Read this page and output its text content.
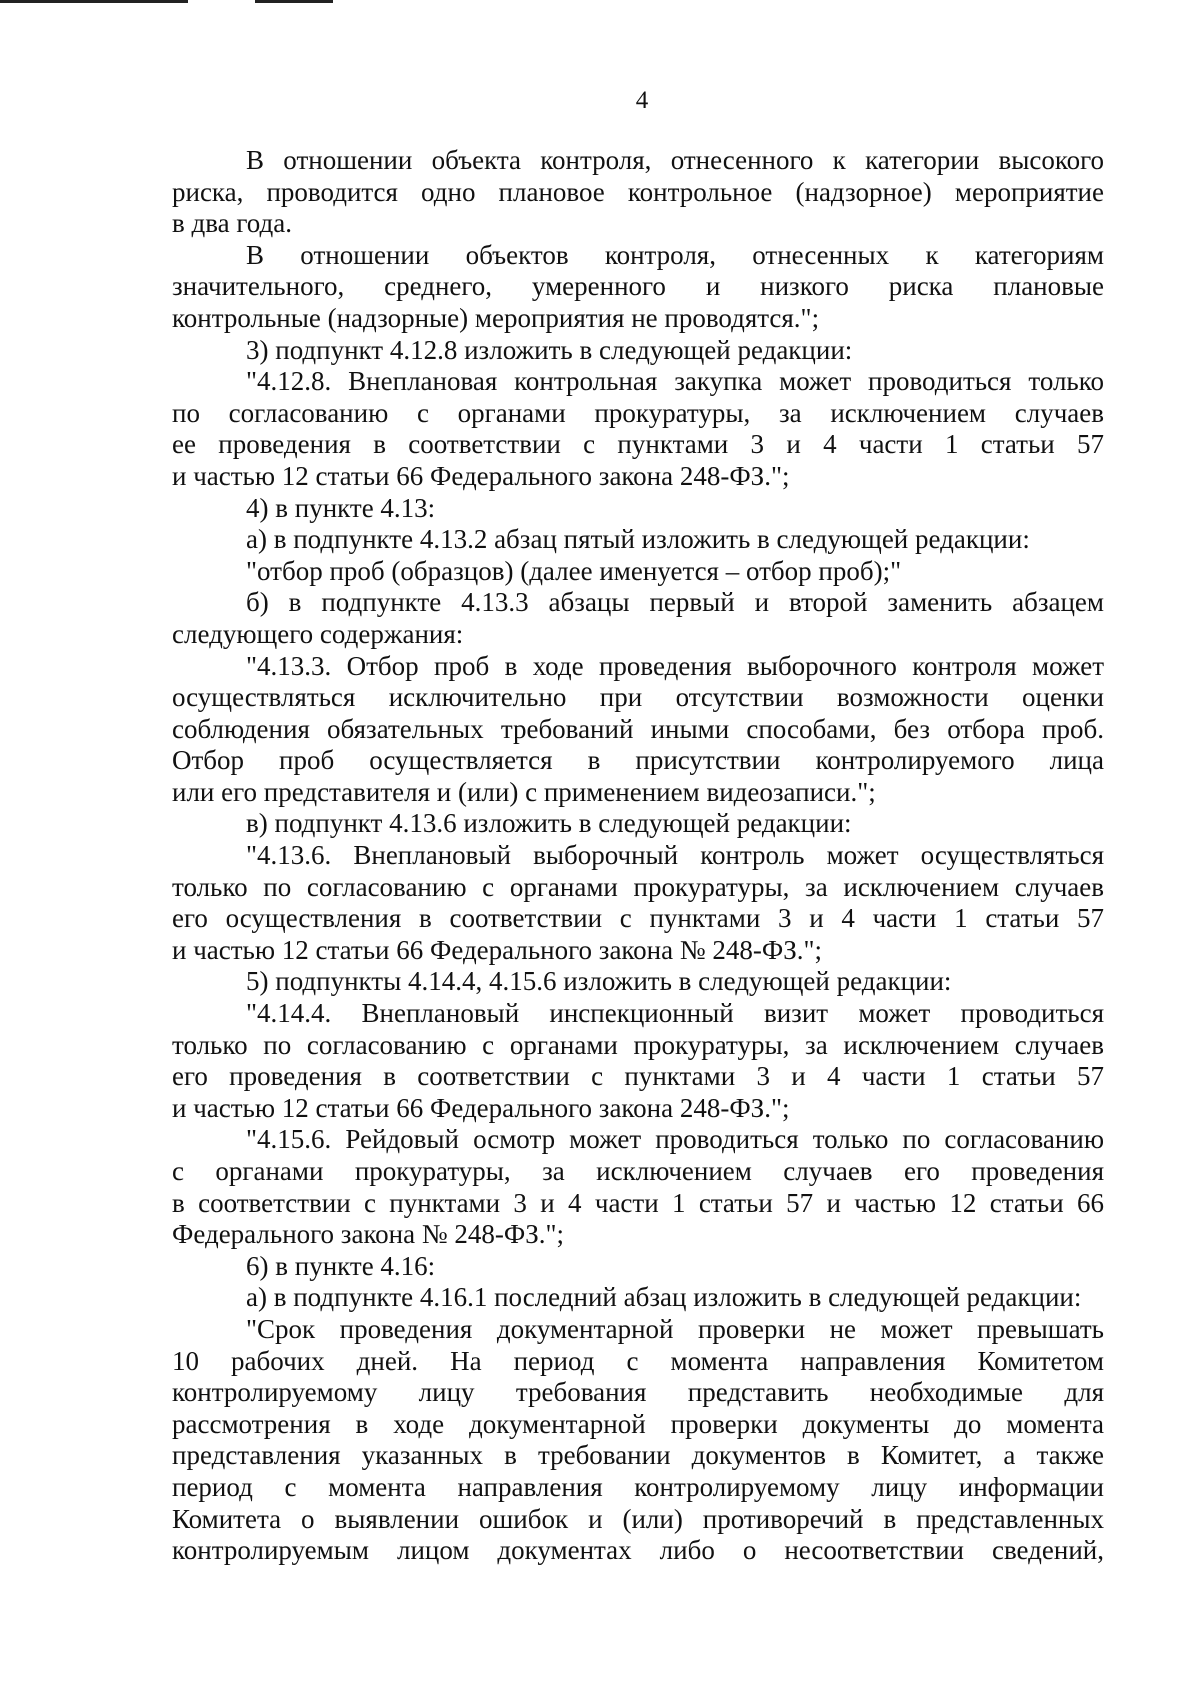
4
В отношении объекта контроля, отнесенного к категории высокого
риска, проводится одно плановое контрольное (надзорное) мероприятие
в два года.
В отношении объектов контроля, отнесенных к категориям
значительного, среднего, умеренного и низкого риска плановые
контрольные (надзорные) мероприятия не проводятся.";
3) подпункт 4.12.8 изложить в следующей редакции:
"4.12.8. Внеплановая контрольная закупка может проводиться только
по согласованию с органами прокуратуры, за исключением случаев
ее проведения в соответствии с пунктами 3 и 4 части 1 статьи 57
и частью 12 статьи 66 Федерального закона 248-ФЗ.";
4) в пункте 4.13:
а) в подпункте 4.13.2 абзац пятый изложить в следующей редакции:
"отбор проб (образцов) (далее именуется – отбор проб);"
б) в подпункте 4.13.3 абзацы первый и второй заменить абзацем
следующего содержания:
"4.13.3. Отбор проб в ходе проведения выборочного контроля может
осуществляться исключительно при отсутствии возможности оценки
соблюдения обязательных требований иными способами, без отбора проб.
Отбор проб осуществляется в присутствии контролируемого лица
или его представителя и (или) с применением видеозаписи.";
в) подпункт 4.13.6 изложить в следующей редакции:
"4.13.6. Внеплановый выборочный контроль может осуществляться
только по согласованию с органами прокуратуры, за исключением случаев
его осуществления в соответствии с пунктами 3 и 4 части 1 статьи 57
и частью 12 статьи 66 Федерального закона № 248-ФЗ.";
5) подпункты 4.14.4, 4.15.6 изложить в следующей редакции:
"4.14.4. Внеплановый инспекционный визит может проводиться
только по согласованию с органами прокуратуры, за исключением случаев
его проведения в соответствии с пунктами 3 и 4 части 1 статьи 57
и частью 12 статьи 66 Федерального закона 248-ФЗ.";
"4.15.6. Рейдовый осмотр может проводиться только по согласованию
с органами прокуратуры, за исключением случаев его проведения
в соответствии с пунктами 3 и 4 части 1 статьи 57 и частью 12 статьи 66
Федерального закона № 248-ФЗ.";
6) в пункте 4.16:
а) в подпункте 4.16.1 последний абзац изложить в следующей редакции:
"Срок проведения документарной проверки не может превышать
10 рабочих дней. На период с момента направления Комитетом
контролируемому лицу требования представить необходимые для
рассмотрения в ходе документарной проверки документы до момента
представления указанных в требовании документов в Комитет, а также
период с момента направления контролируемому лицу информации
Комитета о выявлении ошибок и (или) противоречий в представленных
контролируемым лицом документах либо о несоответствии сведений,
